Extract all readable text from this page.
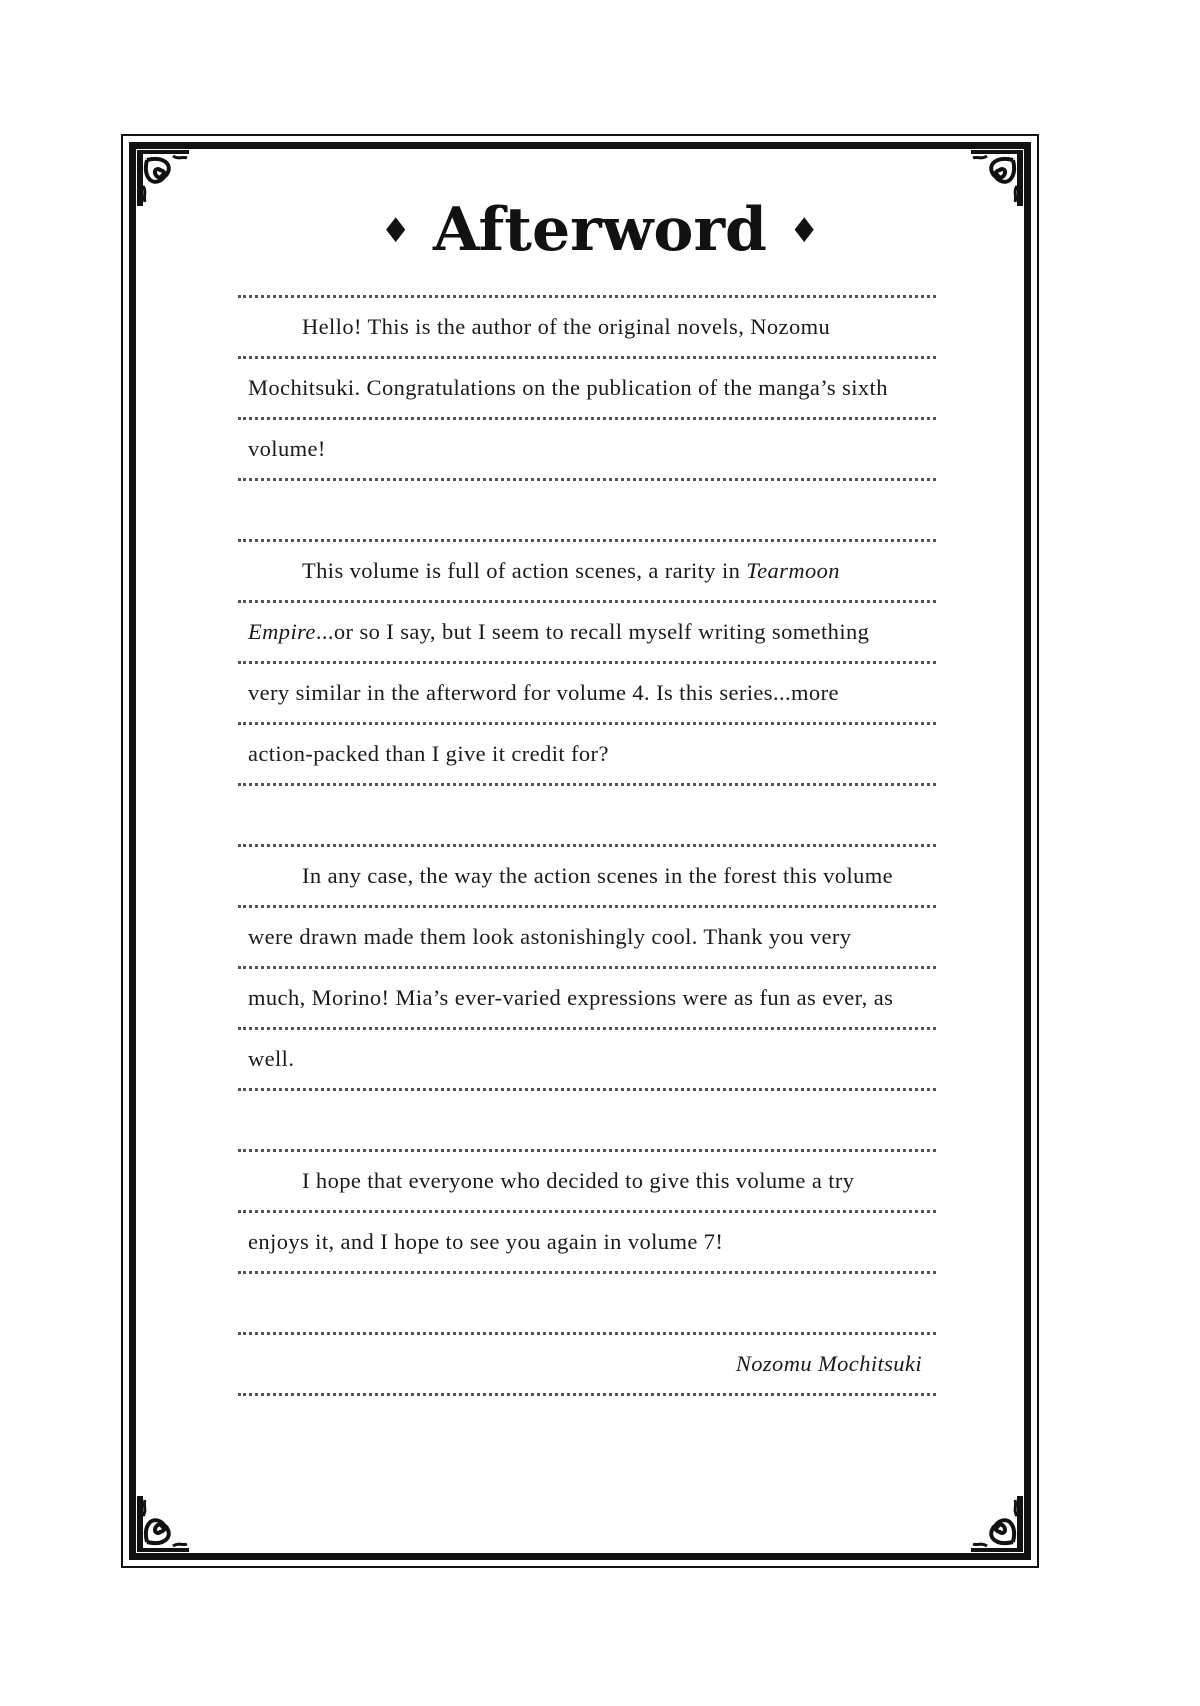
♦ Afterword ♦
Hello! This is the author of the original novels, Nozomu
Mochitsuki. Congratulations on the publication of the manga’s sixth
volume!
This volume is full of action scenes, a rarity in Tearmoon
Empire...or so I say, but I seem to recall myself writing something
very similar in the afterword for volume 4. Is this series...more
action-packed than I give it credit for?
In any case, the way the action scenes in the forest this volume
were drawn made them look astonishingly cool. Thank you very
much, Morino! Mia’s ever-varied expressions were as fun as ever, as
well.
I hope that everyone who decided to give this volume a try
enjoys it, and I hope to see you again in volume 7!
Nozomu Mochitsuki
